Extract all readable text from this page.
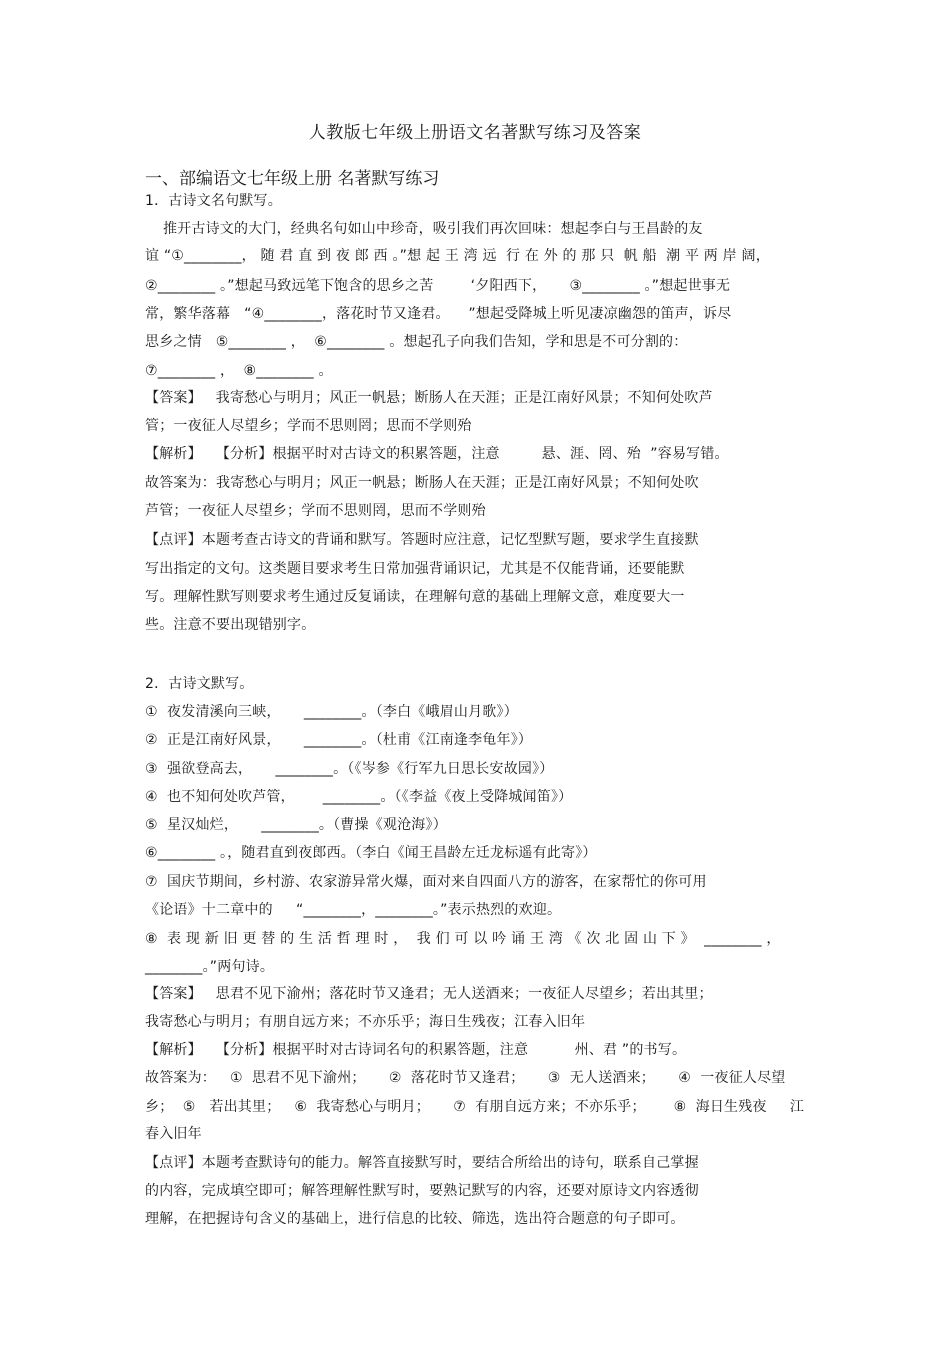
人教版七年级上册语文名著默写练习及答案
一、部编语文七年级上册 名著默写练习
1．古诗文名句默写。
推开古诗文的大门，经典名句如山中珍奇，吸引我们再次回味：想起李白与王昌龄的友
谊 “①________， 随 君 直 到 夜 郎 西 。”想 起 王 湾 远  行 在 外 的 那 只  帆 船  潮 平 两 岸 阔，
②________ 。”想起马致远笔下饱含的思乡之苦        ‘夕阳西下，     ③________ 。”想起世事无
常，繁华落幕   “④________，落花时节又逢君。    ”想起受降城上听见凄凉幽怨的笛声，诉尽
思乡之情   ⑤________ ，  ⑥________ 。想起孔子向我们告知，学和思是不可分割的：
⑦________ ，  ⑧________ 。
【答案】   我寄愁心与明月；风正一帆悬；断肠人在天涯；正是江南好风景；不知何处吹芦
管；一夜征人尽望乡；学而不思则罔；思而不学则殆
【解析】   【分析】根据平时对古诗文的积累答题，注意         悬、涯、罔、殆  ”容易写错。
故答案为：我寄愁心与明月；风正一帆悬；断肠人在天涯；正是江南好风景；不知何处吹
芦管；一夜征人尽望乡；学而不思则罔，思而不学则殆
【点评】本题考查古诗文的背诵和默写。答题时应注意，记忆型默写题，要求学生直接默
写出指定的文句。这类题目要求考生日常加强背诵识记，尤其是不仅能背诵，还要能默
写。理解性默写则要求考生通过反复诵读，在理解句意的基础上理解文意，难度要大一
些。注意不要出现错别字。
2．古诗文默写。
①  夜发清溪向三峡，     ________。（李白《峨眉山月歌》）
②  正是江南好风景，     ________。（杜甫《江南逢李龟年》）
③  强欲登高去，     ________。（《岑参《行军九日思长安故园》）
④  也不知何处吹芦管，      ________。（《李益《夜上受降城闻笛》）
⑤  星汉灿烂，     ________。（曹操《观沧海》）
⑥________ 。，随君直到夜郎西。（李白《闻王昌龄左迁龙标遥有此寄》）
⑦  国庆节期间，乡村游、农家游异常火爆，面对来自四面八方的游客，在家帮忙的你可用
《论语》十二章中的     “________，________。”表示热烈的欢迎。
⑧  表 现 新 旧 更 替 的 生 活 哲 理 时 ，  我 们 可 以 吟 诵 王 湾 《 次 北 固 山 下 》  ________ ，
________。”两句诗。
【答案】   思君不见下渝州；落花时节又逢君；无人送酒来；一夜征人尽望乡；若出其里；
我寄愁心与明月；有朋自远方来；不亦乐乎；海日生残夜；江春入旧年
【解析】   【分析】根据平时对古诗词名句的积累答题，注意          州、君 ”的书写。
故答案为：   ①  思君不见下渝州；     ②  落花时节又逢君；     ③  无人送酒来；     ④  一夜征人尽望
乡；  ⑤   若出其里；   ⑥  我寄愁心与明月；     ⑦  有朋自远方来；不亦乐乎；      ⑧  海日生残夜     江
春入旧年
【点评】本题考查默诗句的能力。解答直接默写时，要结合所给出的诗句，联系自己掌握
的内容，完成填空即可；解答理解性默写时，要熟记默写的内容，还要对原诗文内容透彻
理解，在把握诗句含义的基础上，进行信息的比较、筛选，选出符合题意的句子即可。
